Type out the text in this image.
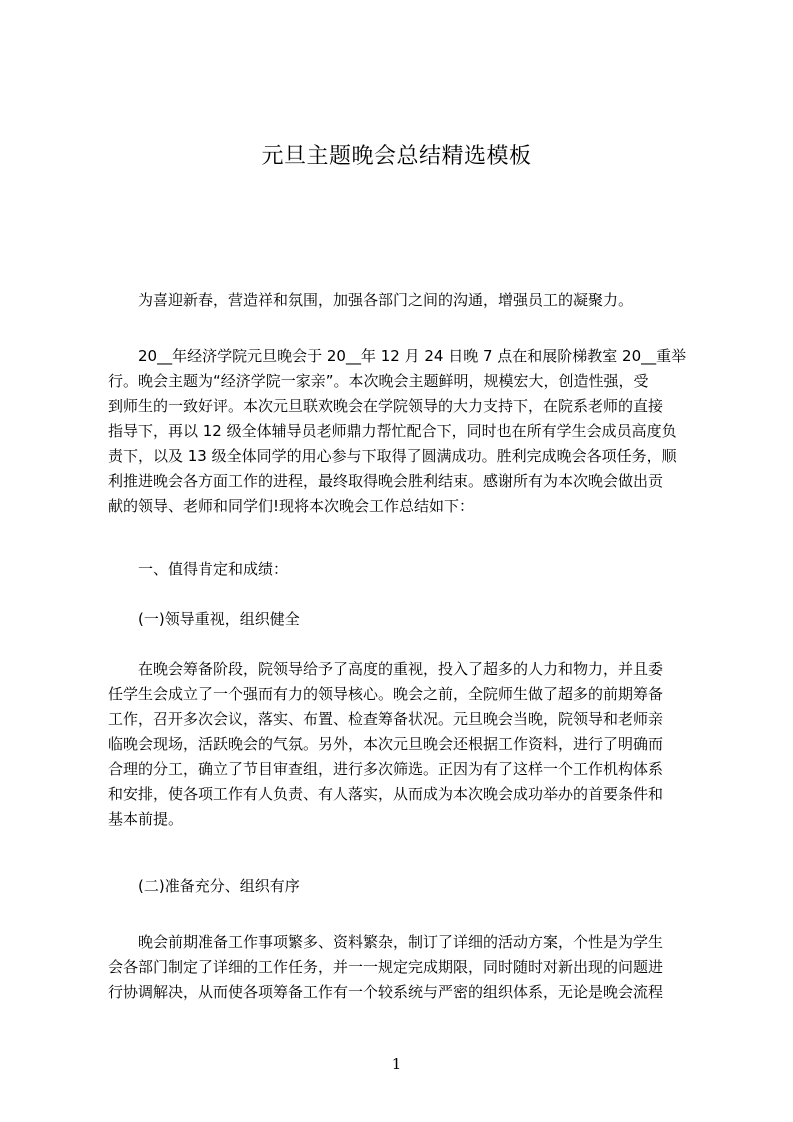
元旦主题晚会总结精选模板
为喜迎新春，营造祥和氛围，加强各部门之间的沟通，增强员工的凝聚力。
20__年经济学院元旦晚会于 20__年 12 月 24 日晚 7 点在和展阶梯教室 20__重举
行。晚会主题为“经济学院一家亲”。本次晚会主题鲜明，规模宏大，创造性强，受
到师生的一致好评。本次元旦联欢晚会在学院领导的大力支持下，在院系老师的直接
指导下，再以 12 级全体辅导员老师鼎力帮忙配合下，同时也在所有学生会成员高度负
责下，以及 13 级全体同学的用心参与下取得了圆满成功。胜利完成晚会各项任务，顺
利推进晚会各方面工作的进程，最终取得晚会胜利结束。感谢所有为本次晚会做出贡
献的领导、老师和同学们!现将本次晚会工作总结如下：
一、值得肯定和成绩：
(一)领导重视，组织健全
在晚会筹备阶段，院领导给予了高度的重视，投入了超多的人力和物力，并且委
任学生会成立了一个强而有力的领导核心。晚会之前，全院师生做了超多的前期筹备
工作，召开多次会议，落实、布置、检查筹备状况。元旦晚会当晚，院领导和老师亲
临晚会现场，活跃晚会的气氛。另外，本次元旦晚会还根据工作资料，进行了明确而
合理的分工，确立了节目审查组，进行多次筛选。正因为有了这样一个工作机构体系
和安排，使各项工作有人负责、有人落实，从而成为本次晚会成功举办的首要条件和
基本前提。
(二)准备充分、组织有序
晚会前期准备工作事项繁多、资料繁杂，制订了详细的活动方案，个性是为学生
会各部门制定了详细的工作任务，并一一规定完成期限，同时随时对新出现的问题进
行协调解决，从而使各项筹备工作有一个较系统与严密的组织体系，无论是晚会流程
1
